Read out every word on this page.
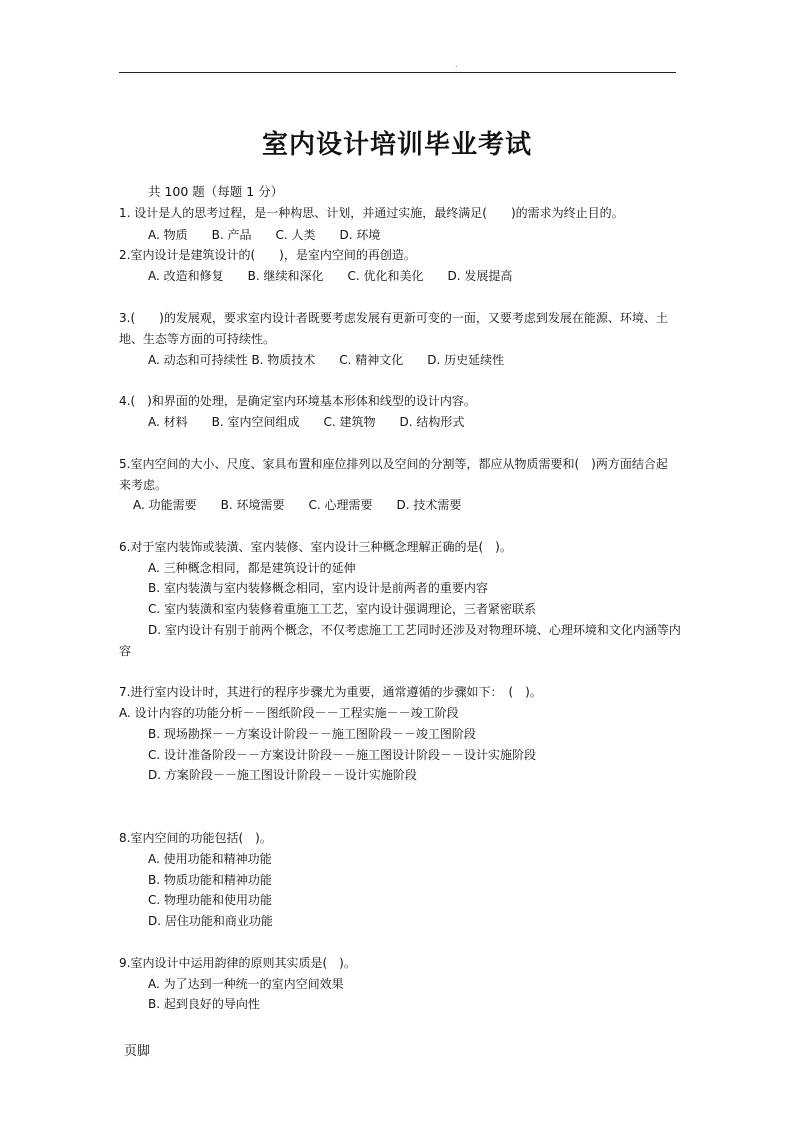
.
室内设计培训毕业考试
共 100 题（每题 1 分）
1. 设计是人的思考过程，是一种构思、计划，并通过实施，最终满足(　　)的需求为终止目的。
A. 物质　　B. 产品　　C. 人类　　D. 环境
2.室内设计是建筑设计的(　　)，是室内空间的再创造。
A. 改造和修复　　B. 继续和深化　　C. 优化和美化　　D. 发展提高
3.(　　)的发展观，要求室内设计者既要考虑发展有更新可变的一面，又要考虑到发展在能源、环境、土
地、生态等方面的可持续性。
A. 动态和可持续性 B. 物质技术　　C. 精神文化　　D. 历史延续性
4.(　)和界面的处理，是确定室内环境基本形体和线型的设计内容。
A. 材料　　B. 室内空间组成　　C. 建筑物　　D. 结构形式
5.室内空间的大小、尺度、家具布置和座位排列以及空间的分割等，都应从物质需要和(　)两方面结合起
来考虑。
A. 功能需要　　B. 环境需要　　C. 心理需要　　D. 技术需要
6.对于室内装饰或装潢、室内装修、室内设计三种概念理解正确的是(　)。
A. 三种概念相同，都是建筑设计的延伸
B. 室内装潢与室内装修概念相同，室内设计是前两者的重要内容
C. 室内装潢和室内装修着重施工工艺，室内设计强调理论，三者紧密联系
D. 室内设计有别于前两个概念，不仅考虑施工工艺同时还涉及对物理环境、心理环境和文化内涵等内
容
7.进行室内设计时，其进行的程序步骤尤为重要，通常遵循的步骤如下：　(　)。
A. 设计内容的功能分析－－图纸阶段－－工程实施－－竣工阶段
B. 现场勘探－－方案设计阶段－－施工图阶段－－竣工图阶段
C. 设计准备阶段－－方案设计阶段－－施工图设计阶段－－设计实施阶段
D. 方案阶段－－施工图设计阶段－－设计实施阶段
8.室内空间的功能包括(　)。
A. 使用功能和精神功能
B. 物质功能和精神功能
C. 物理功能和使用功能
D. 居住功能和商业功能
9.室内设计中运用韵律的原则其实质是(　)。
A. 为了达到一种统一的室内空间效果
B. 起到良好的导向性
页脚
